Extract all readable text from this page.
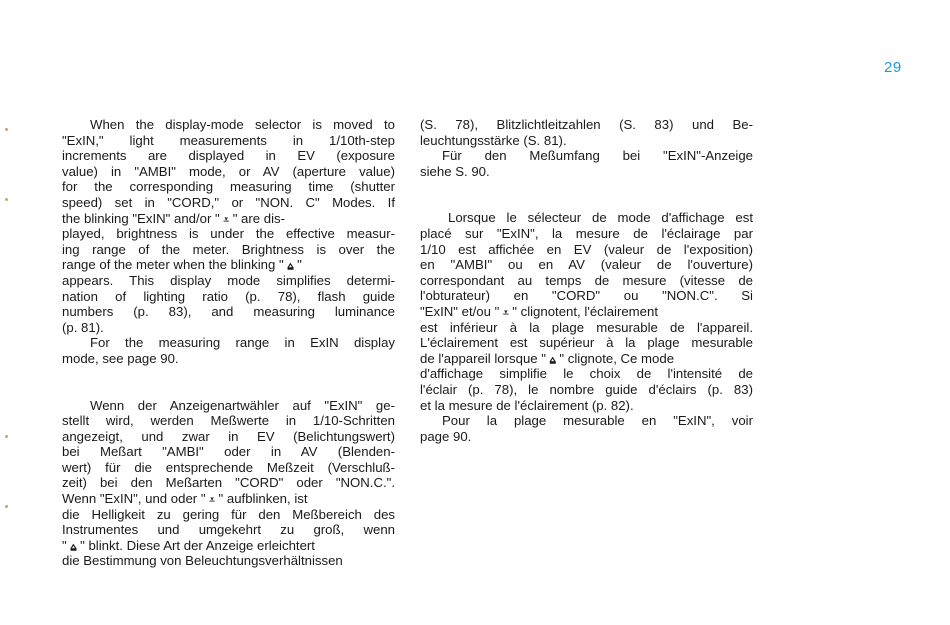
29
When the display-mode selector is moved to
"ExIN," light measurements in 1/10th-step
increments are displayed in EV (exposure
value) in "AMBI" mode, or AV (aperture value)
for the corresponding measuring time (shutter
speed) set in "CORD," or "NON. C" Modes. If
the blinking "ExIN" and/or " ⩡ " are dis-
played, brightness is under the effective measur-
ing range of the meter. Brightness is over the
range of the meter when the blinking " ⩠ "
appears. This display mode simplifies determi-
nation of lighting ratio (p. 78), flash guide
numbers (p. 83), and measuring luminance
(p. 81).
For the measuring range in ExIN display
mode, see page 90.
Wenn der Anzeigenartwähler auf "ExIN" ge-
stellt wird, werden Meßwerte in 1/10-Schritten
angezeigt, und zwar in EV (Belichtungswert)
bei Meßart "AMBI" oder in AV (Blenden-
wert) für die entsprechende Meßzeit (Verschluß-
zeit) bei den Meßarten "CORD" oder "NON.C.".
Wenn "ExIN", und oder " ⩡ " aufblinken, ist
die Helligkeit zu gering für den Meßbereich des
Instrumentes und umgekehrt zu groß, wenn
" ⩠ " blinkt. Diese Art der Anzeige erleichtert
die Bestimmung von Beleuchtungsverhältnissen
(S. 78), Blitzlichtleitzahlen (S. 83) und Be-
leuchtungsstärke (S. 81).
Für den Meßumfang bei "ExIN"-Anzeige
siehe S. 90.
Lorsque le sélecteur de mode d'affichage est
placé sur "ExIN", la mesure de l'éclairage par
1/10 est affichée en EV (valeur de l'exposition)
en "AMBI" ou en AV (valeur de l'ouverture)
correspondant au temps de mesure (vitesse de
l'obturateur) en "CORD" ou "NON.C". Si
"ExIN" et/ou " ⩡ " clignotent, l'éclairement
est inférieur à la plage mesurable de l'appareil.
L'éclairement est supérieur à la plage mesurable
de l'appareil lorsque " ⩠ " clignote, Ce mode
d'affichage simplifie le choix de l'intensité de
l'éclair (p. 78), le nombre guide d'éclairs (p. 83)
et la mesure de l'éclairement (p. 82).
Pour la plage mesurable en "ExIN", voir
page 90.
